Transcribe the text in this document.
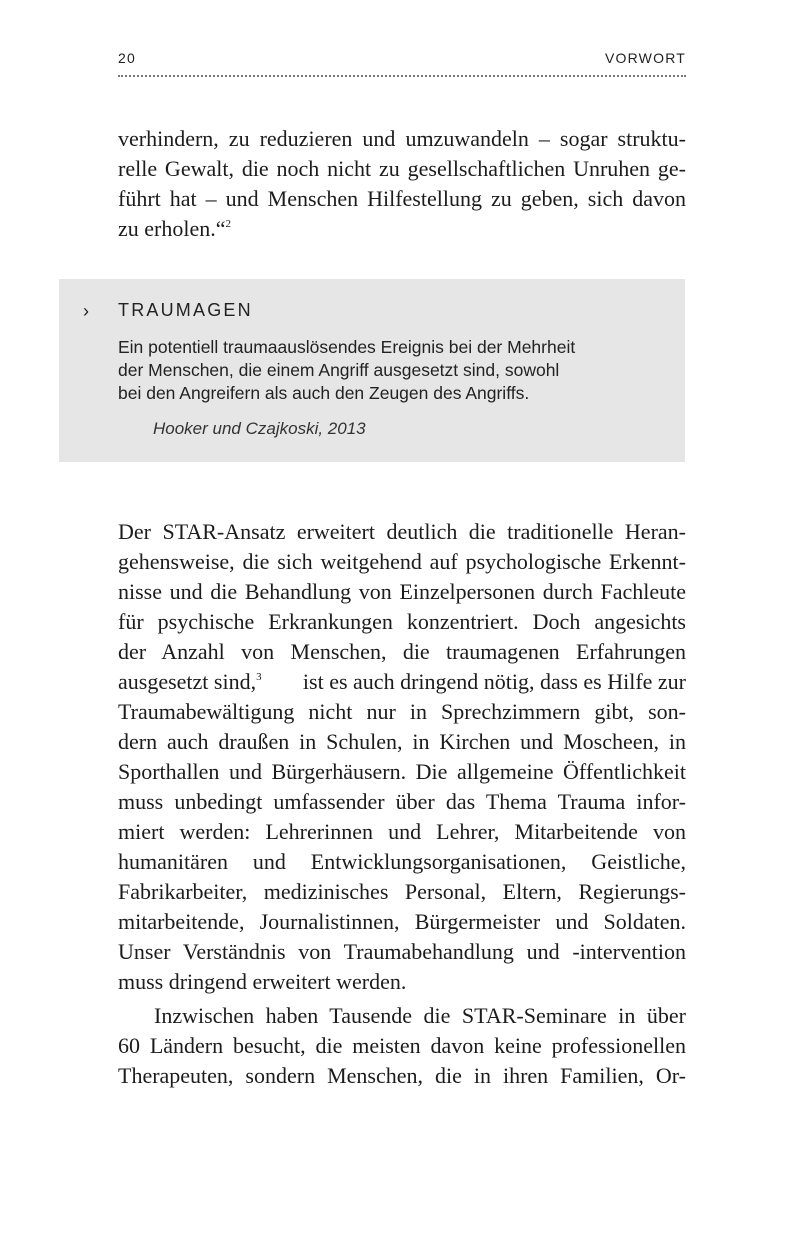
20	VORWORT
verhindern, zu reduzieren und umzuwandeln – sogar struktu-
relle Gewalt, die noch nicht zu gesellschaftlichen Unruhen ge-
führt hat – und Menschen Hilfestellung zu geben, sich davon
zu erholen.“$^2$
› TRAUMAGEN
Ein potentiell traumaauslösendes Ereignis bei der Mehrheit
der Menschen, die einem Angriff ausgesetzt sind, sowohl
bei den Angreifern als auch den Zeugen des Angriffs.
Hooker und Czajkoski, 2013
Der STAR-Ansatz erweitert deutlich die traditionelle Heran-
gehensweise, die sich weitgehend auf psychologische Erkennt-
nisse und die Behandlung von Einzelpersonen durch Fachleute
für psychische Erkrankungen konzentriert. Doch angesichts
der Anzahl von Menschen, die traumagenen Erfahrungen
ausgesetzt sind,$^3$ ist es auch dringend nötig, dass es Hilfe zur
Traumabewältigung nicht nur in Sprechzimmern gibt, son-
dern auch draußen in Schulen, in Kirchen und Moscheen, in
Sporthallen und Bürgerhäusern. Die allgemeine Öffentlichkeit
muss unbedingt umfassender über das Thema Trauma infor-
miert werden: Lehrerinnen und Lehrer, Mitarbeitende von
humanitären und Entwicklungsorganisationen, Geistliche,
Fabrikarbeiter, medizinisches Personal, Eltern, Regierungs-
mitarbeitende, Journalistinnen, Bürgermeister und Soldaten.
Unser Verständnis von Traumabehandlung und -intervention
muss dringend erweitert werden.
Inzwischen haben Tausende die STAR-Seminare in über
60 Ländern besucht, die meisten davon keine professionellen
Therapeuten, sondern Menschen, die in ihren Familien, Or-
